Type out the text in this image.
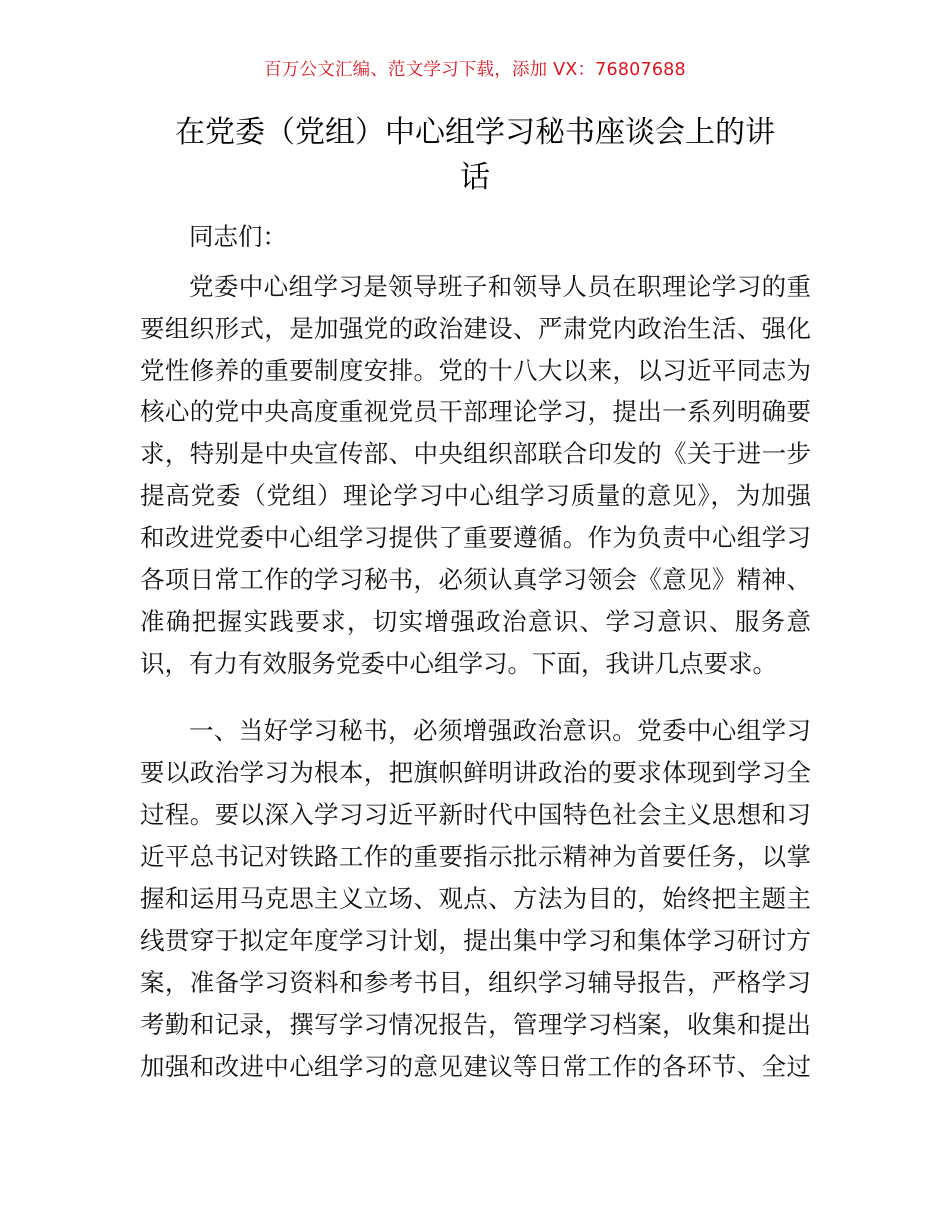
百万公文汇编、范文学习下载，添加 VX：76807688
在党委（党组）中心组学习秘书座谈会上的讲
话
同志们：
党委中心组学习是领导班子和领导人员在职理论学习的重
要组织形式，是加强党的政治建设、严肃党内政治生活、强化
党性修养的重要制度安排。党的十八大以来，以习近平同志为
核心的党中央高度重视党员干部理论学习，提出一系列明确要
求，特别是中央宣传部、中央组织部联合印发的《关于进一步
提高党委（党组）理论学习中心组学习质量的意见》，为加强
和改进党委中心组学习提供了重要遵循。作为负责中心组学习
各项日常工作的学习秘书，必须认真学习领会《意见》精神、
准确把握实践要求，切实增强政治意识、学习意识、服务意
识，有力有效服务党委中心组学习。下面，我讲几点要求。
一、当好学习秘书，必须增强政治意识。党委中心组学习
要以政治学习为根本，把旗帜鲜明讲政治的要求体现到学习全
过程。要以深入学习习近平新时代中国特色社会主义思想和习
近平总书记对铁路工作的重要指示批示精神为首要任务，以掌
握和运用马克思主义立场、观点、方法为目的，始终把主题主
线贯穿于拟定年度学习计划，提出集中学习和集体学习研讨方
案，准备学习资料和参考书目，组织学习辅导报告，严格学习
考勤和记录，撰写学习情况报告，管理学习档案，收集和提出
加强和改进中心组学习的意见建议等日常工作的各环节、全过
